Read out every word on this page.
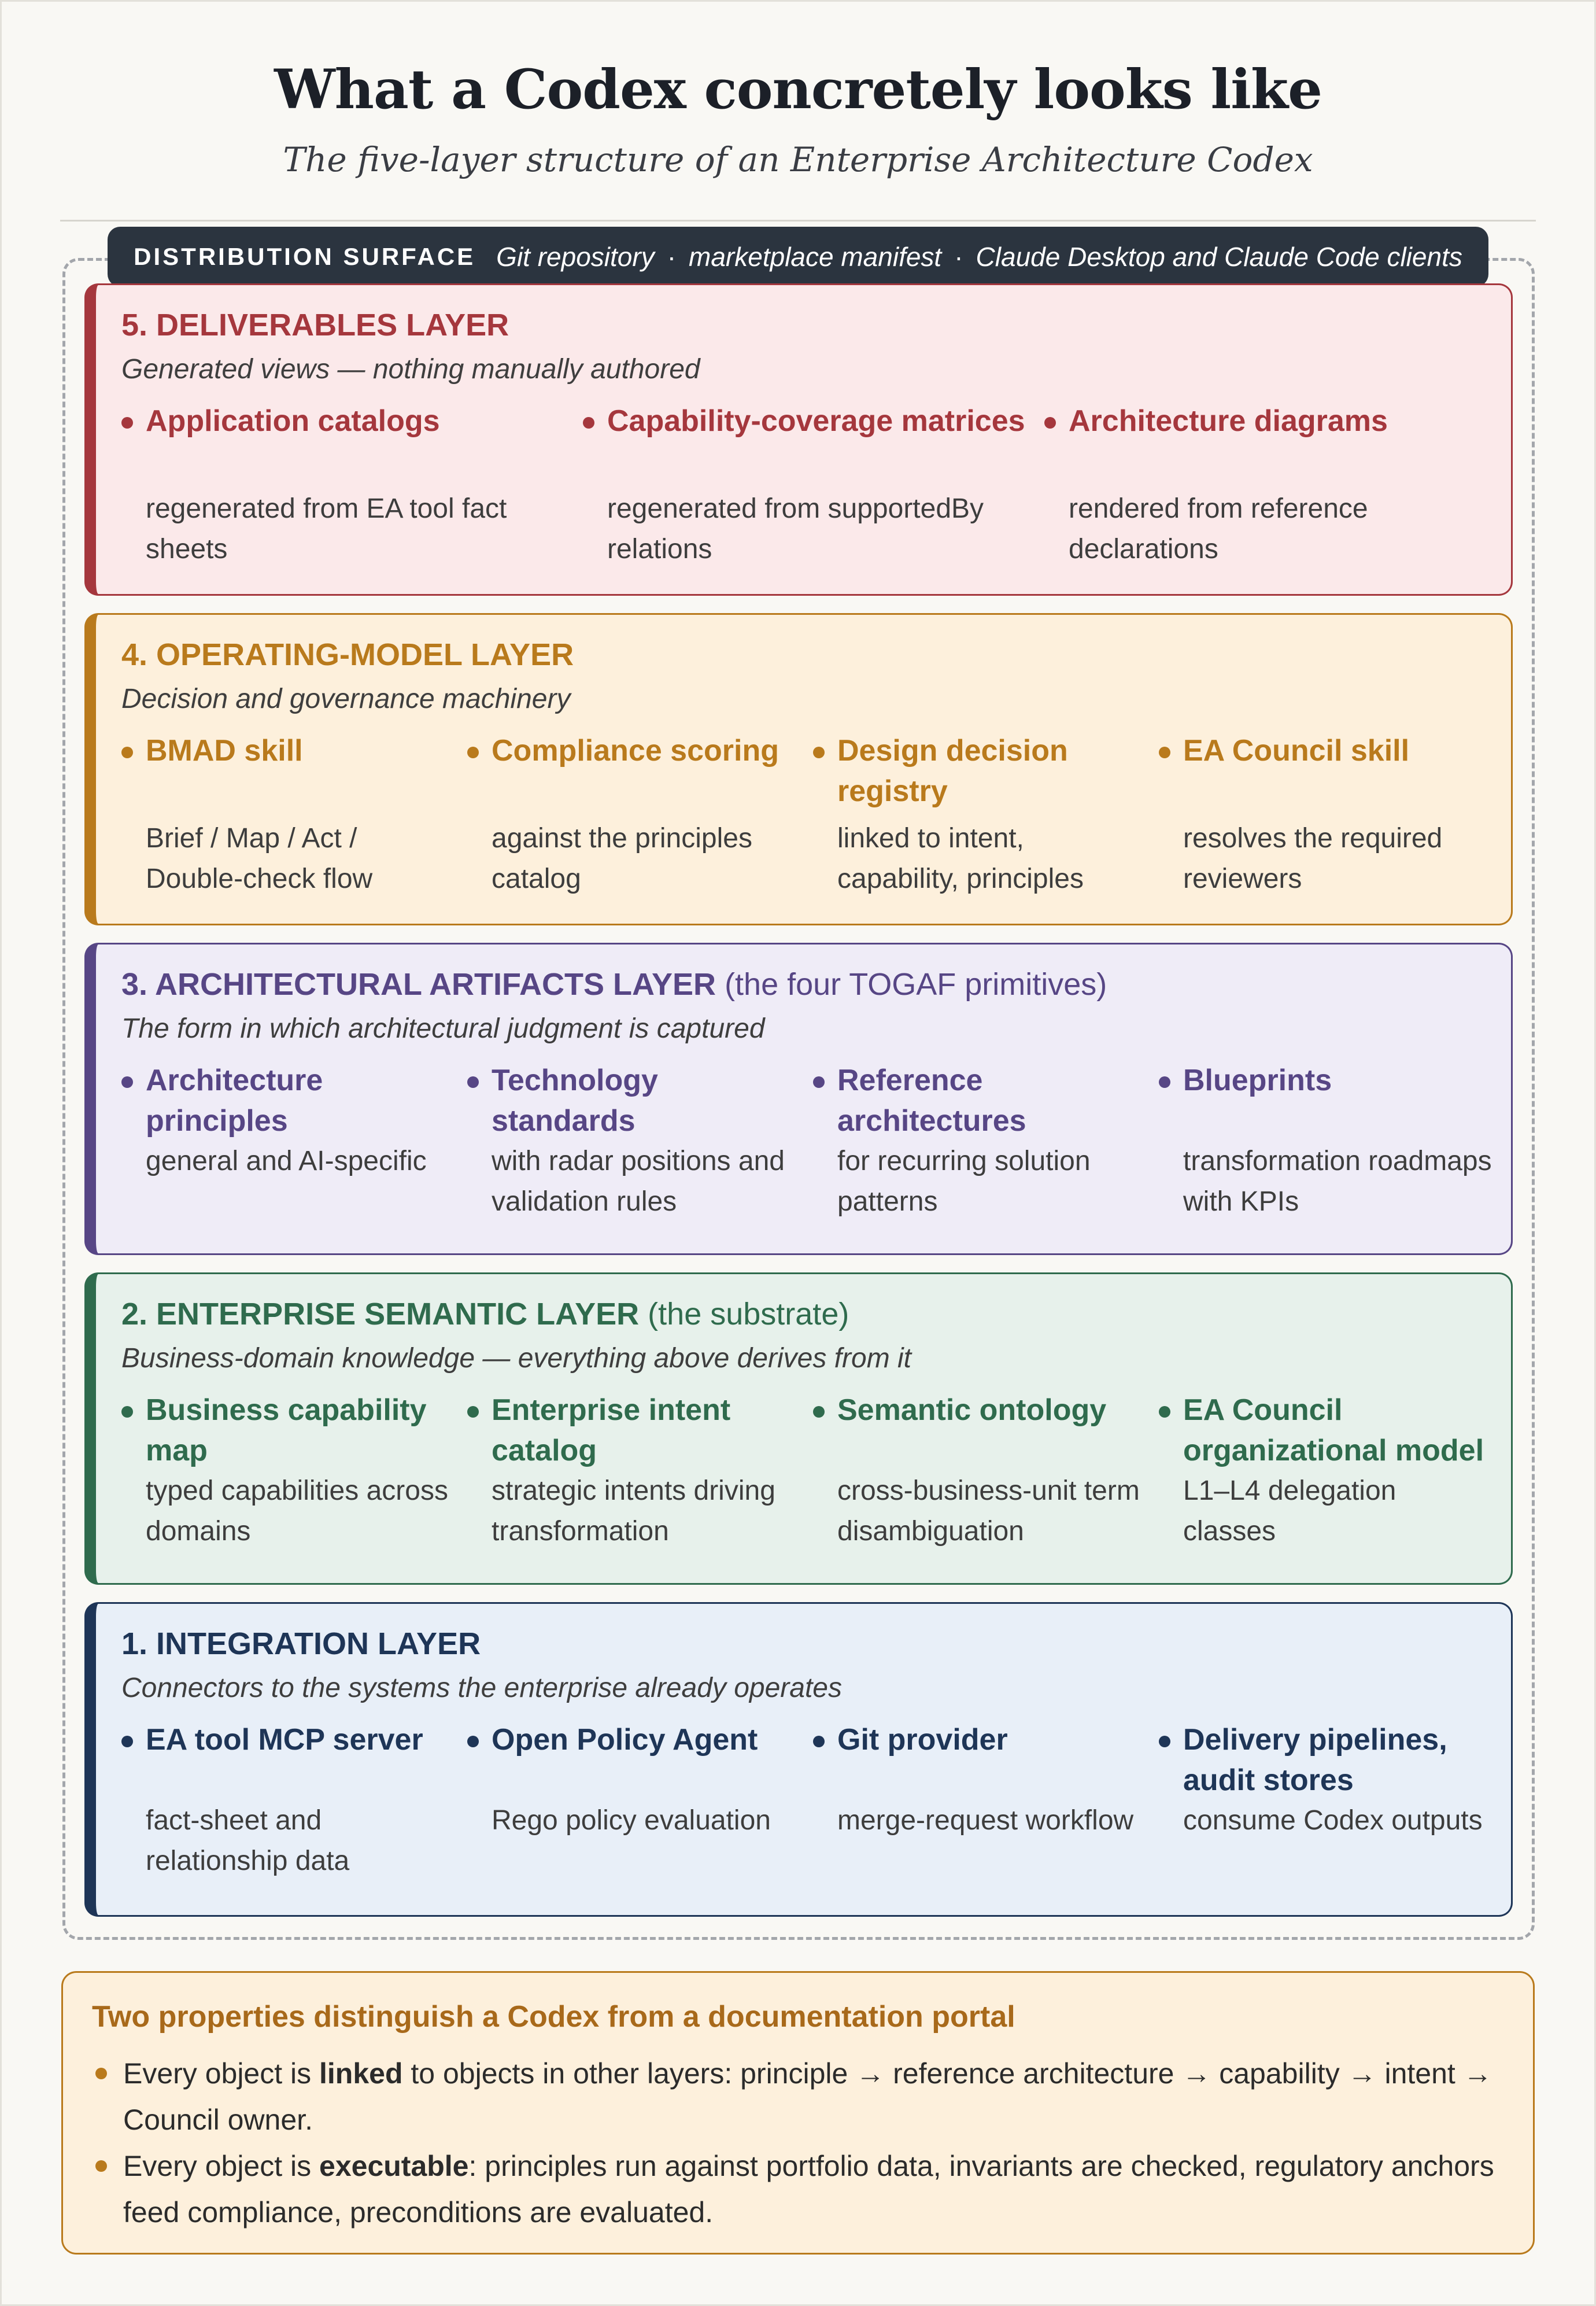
What a Codex concretely looks like
The five-layer structure of an Enterprise Architecture Codex
DISTRIBUTION SURFACE Git repository · marketplace manifest · Claude Desktop and Claude Code clients
5. DELIVERABLES LAYER
Generated views — nothing manually authored
Application catalogs
regenerated from EA tool fact sheets
Capability-coverage matrices
regenerated from supportedBy relations
Architecture diagrams
rendered from reference declarations
4. OPERATING-MODEL LAYER
Decision and governance machinery
BMAD skill
Brief / Map / Act / Double-check flow
Compliance scoring
against the principles catalog
Design decision registry
linked to intent, capability, principles
EA Council skill
resolves the required reviewers
3. ARCHITECTURAL ARTIFACTS LAYER (the four TOGAF primitives)
The form in which architectural judgment is captured
Architecture principles
general and AI-specific
Technology standards
with radar positions and validation rules
Reference architectures
for recurring solution patterns
Blueprints
transformation roadmaps with KPIs
2. ENTERPRISE SEMANTIC LAYER (the substrate)
Business-domain knowledge — everything above derives from it
Business capability map
typed capabilities across domains
Enterprise intent catalog
strategic intents driving transformation
Semantic ontology
cross-business-unit term disambiguation
EA Council organizational model
L1–L4 delegation classes
1. INTEGRATION LAYER
Connectors to the systems the enterprise already operates
EA tool MCP server
fact-sheet and relationship data
Open Policy Agent
Rego policy evaluation
Git provider
merge-request workflow
Delivery pipelines, audit stores
consume Codex outputs
Two properties distinguish a Codex from a documentation portal
Every object is linked to objects in other layers: principle → reference architecture → capability → intent → Council owner.
Every object is executable: principles run against portfolio data, invariants are checked, regulatory anchors feed compliance, preconditions are evaluated.
